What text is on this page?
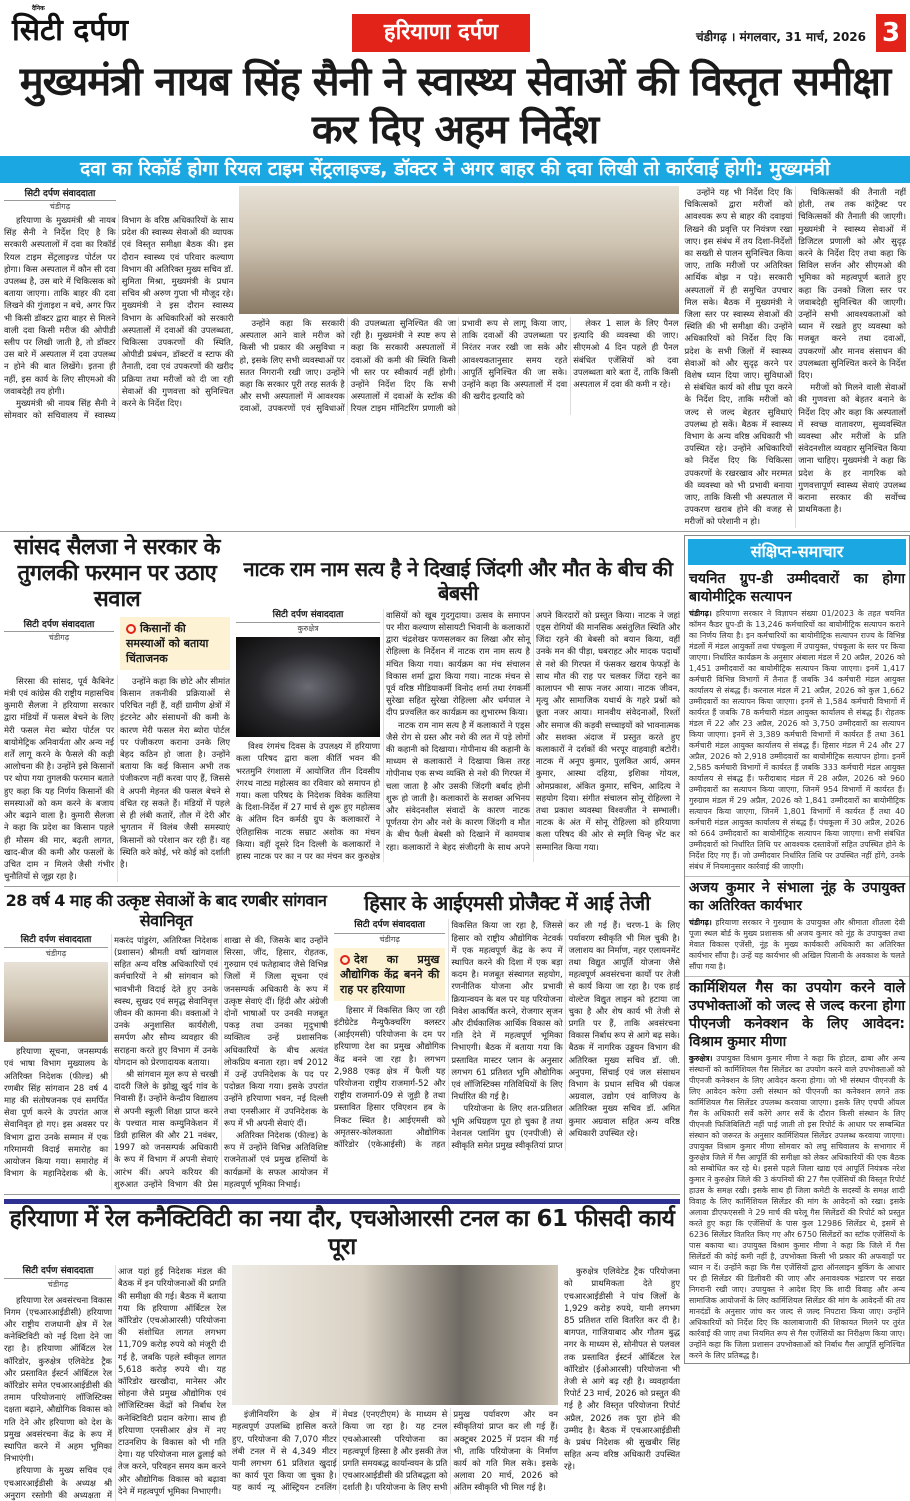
दैनिक
सिटी दर्पण	हरियाणा दर्पण	चंडीगढ़ । मंगलवार, 31 मार्च, 2026 3
मुख्यमंत्री नायब सिंह सैनी ने स्वास्थ्य सेवाओं की विस्तृत समीक्षा कर दिए अहम निर्देश
दवा का रिकॉर्ड होगा रियल टाइम सेंट्रलाइज्ड, डॉक्टर ने अगर बाहर की दवा लिखी तो कार्रवाई होगी: मुख्यमंत्री
सिटी दर्पण संवाददाता
चंडीगढ़

हरियाणा के मुख्यमंत्री श्री नायब सिंह सैनी ने निर्देश दिए है कि सरकारी अस्पतालों में दवा का रिकॉर्ड रियल टाइम सेंट्रलाइज्ड पोर्टल पर होगा। किस अस्पताल में कौन सी दवा उपलब्ध है, उस बारे में चिकित्सक को बताया जाएगा। ताकि बाहर की दवा लिखने की गुंजाइश न बचे, अगर फिर भी किसी डॉक्टर द्वारा बाहर से मिलने वाली दवा किसी मरीज की ओपीडी स्लीप पर लिखी जाती है, तो डॉक्टर उस बारे में अस्पताल में दवा उपलब्ध न होने की बात लिखेंगे। इतना ही नहीं, इस कार्य के लिए सीएमओ की जवाबदेही तय होगी।

मुख्यमंत्री श्री नायब सिंह सैनी ने सोमवार को सचिवालय में स्वास्थ्य विभाग के वरिष्ठ अधिकारियों के साथ प्रदेश की स्वास्थ्य सेवाओं की व्यापक एवं विस्तृत समीक्षा बैठक की। इस दौरान स्वास्थ्य एवं परिवार कल्याण विभाग की अतिरिक्त मुख्य सचिव डॉ. सुमिता मिश्रा, मुख्यमंत्री के प्रधान सचिव श्री अरुण गुप्ता भी मौजूद रहे। मुख्यमंत्री ने इस दौरान स्वास्थ्य विभाग के अधिकारिओं को सरकारी अस्पतालों में दवाओं की उपलब्धता, चिकित्सा उपकरणों की स्थिति, ओपीडी प्रबंधन, डॉक्टरों व स्टाफ की तैनाती, दवा एवं उपकरणों की खरीद प्रक्रिया तथा मरीजों को दी जा रही सेवाओं की गुणवत्ता को सुनिश्चित करने के निर्देश दिए।

उन्होंने कहा कि सरकारी अस्पताल आने वाले मरीज को किसी भी प्रकार की असुविधा न हो, इसके लिए सभी व्यवस्थाओं पर सतत निगरानी रखी जाए। उन्होंने कहा कि सरकार पूरी तरह सतर्क है और सभी अस्पतालों में आवश्यक दवाओं, उपकरणों एवं सुविधाओं की उपलब्धता सुनिश्चित की जा रही है। मुख्यमंत्री ने स्पष्ट रूप से कहा कि सरकारी अस्पतालों में दवाओं की कमी की स्थिति किसी भी स्तर पर स्वीकार्य नहीं होगी। उन्होंने निर्देश दिए कि सभी अस्पतालों में दवाओं के स्टॉक की रियल टाइम मॉनिटरिंग प्रणाली को प्रभावी रूप से लागू किया जाए, ताकि दवाओं की उपलब्धता पर निरंतर नजर रखी जा सके और आवश्यकतानुसार समय रहते आपूर्ति सुनिश्चित की जा सके। उन्होंने कहा कि अस्पतालों में दवा की खरीद इत्यादि को

लेकर 1 साल के लिए पैनल इत्यादि की व्यवस्था की जाए। सीएमओ 4 दिन पहले ही पैनल संबंधित एजेंसियों को दवा उपलब्धता बारे बता दें, ताकि किसी अस्पताल में दवा की कमी न रहे।

उन्होंने यह भी निर्देश दिए कि चिकित्सकों द्वारा मरीजों को आवश्यक रूप से बाहर की दवाइयां लिखने की प्रवृत्ति पर नियंत्रण रखा जाए। इस संबंध में तय दिशा-निर्देशों का सख्ती से पालन सुनिश्चित किया जाए, ताकि मरीजों पर अतिरिक्त आर्थिक बोझ न पड़े। सरकारी अस्पतालों में ही समुचित उपचार मिल सके। बैठक में मुख्यमंत्री ने जिला स्तर पर स्वास्थ्य सेवाओं की स्थिति की भी समीक्षा की। उन्होंने अधिकारियों को निर्देश दिए कि प्रदेश के सभी जिलों में स्वास्थ्य सेवाओं को और सुदृढ़ करने पर विशेष ध्यान दिया जाए। सुविधाओं से संबंधित कार्य को शीघ्र पूरा करने के निर्देश दिए, ताकि मरीजों को जल्द से जल्द बेहतर सुविधाएं उपलब्ध हो सकें। बैठक में स्वास्थ्य विभाग के अन्य वरिष्ठ अधिकारी भी उपस्थित रहे। उन्होंने अधिकारियों को निर्देश दिए कि चिकित्सा उपकरणों के रखरखाव और मरम्मत की व्यवस्था को भी प्रभावी बनाया जाए, ताकि किसी भी अस्पताल में उपकरण खराब होने की वजह से मरीजों को परेशानी न हो।

चिकित्सकों की तैनाती नहीं होती, तब तक कांट्रैक्ट पर चिकित्सकों की तैनाती की जाएगी। मुख्यमंत्री ने स्वास्थ्य सेवाओं में डिजिटल प्रणाली को और सुदृढ़ करने के निर्देश दिए तथा कहा कि सिविल सर्जन और सीएमओ की भूमिका को महत्वपूर्ण बताते हुए कहा कि उनको जिला स्तर पर जवाबदेही सुनिश्चित की जाएगी। उन्होंने सभी आवश्यकताओं को ध्यान में रखते हुए व्यवस्था को मजबूत करने तथा दवाओं, उपकरणों और मानव संसाधन की उपलब्धता सुनिश्चित करने के निर्देश दिए।

मरीजों को मिलने वाली सेवाओं की गुणवत्ता को बेहतर बनाने के निर्देश दिए और कहा कि अस्पतालों में स्वच्छ वातावरण, सुव्यवस्थित व्यवस्था और मरीजों के प्रति संवेदनशील व्यवहार सुनिश्चित किया जाना चाहिए। मुख्यमंत्री ने कहा कि प्रदेश के हर नागरिक को गुणवत्तापूर्ण स्वास्थ्य सेवाएं उपलब्ध कराना सरकार की सर्वोच्च प्राथमिकता है।

सांसद सैलजा ने सरकार के तुगलकी फरमान पर उठाए सवाल
सिटी दर्पण संवाददाता
चंडीगढ़
किसानों की समस्याओं को बताया चिंताजनक

सिरसा की सांसद, पूर्व कैबिनेट मंत्री एवं कांग्रेस की राष्ट्रीय महासचिव कुमारी सैलजा ने हरियाणा सरकार द्वारा मंडियों में फसल बेचने के लिए मेरी फसल मेरा ब्योरा पोर्टल पर बायोमेट्रिक अनिवार्यता और अन्य नई शर्तें लागू करने के फैसले की कड़ी आलोचना की है। उन्होंने इसे किसानों पर थोपा गया तुगलकी फरमान बताते हुए कहा कि यह निर्णय किसानों की समस्याओं को कम करने के बजाय और बढ़ाने वाला है। कुमारी सैलजा ने कहा कि प्रदेश का किसान पहले ही मौसम की मार, बढ़ती लागत, खाद-बीज की कमी और फसलों के उचित दाम न मिलने जैसी गंभीर चुनौतियों से जूझ रहा है।

उन्होंने कहा कि छोटे और सीमांत किसान तकनीकी प्रक्रियाओं से परिचित नहीं हैं, वहीं ग्रामीण क्षेत्रों में इंटरनेट और संसाधनों की कमी के कारण मेरी फसल मेरा ब्योरा पोर्टल पर पंजीकरण कराना उनके लिए बेहद कठिन हो जाता है। उन्होंने बताया कि कई किसान अभी तक पंजीकरण नहीं करवा पाए हैं, जिससे वे अपनी मेहनत की फसल बेचने से वंचित रह सकते हैं। मंडियों में पहले से ही लंबी कतारें, तौल में देरी और भुगतान में विलंब जैसी समस्याएं किसानों को परेशान कर रही हैं। वह स्थिति करे कोई, भरे कोई को दर्शाती है।

नाटक राम नाम सत्य है ने दिखाई जिंदगी और मौत के बीच की बेबसी
सिटी दर्पण संवाददाता
कुरुक्षेत्र

विश्व रंगमंच दिवस के उपलक्ष्य में हरियाणा कला परिषद द्वारा कला कीर्ति भवन की भरतमुनि रंगशाला में आयोजित तीन दिवसीय रंगरथ नाट्य महोत्सव का रविवार को समापन हो गया। कला परिषद के निदेशक विवेक कालिया के दिशा-निर्देश में 27 मार्च से शुरू हुए महोत्सव के अंतिम दिन कर्मठी ग्रुप के कलाकारों ने ऐतिहासिक नाटक सम्राट अशोक का मंचन किया। वहीं दूसरे दिन दिल्ली के कलाकारों ने हास्य नाटक पर का न पर का मंचन कर कुरुक्षेत्र वासियों को खूब गुदगुदाया। उत्सव के समापन पर मीरा कल्याण सोसायटी भिवानी के कलाकारों द्वारा चंद्रशेखर फणसलकर का लिखा और सोनू रोहिल्ला के निर्देशन में नाटक राम नाम सत्य है मंचित किया गया। कार्यक्रम का मंच संचालन विकास शर्मा द्वारा किया गया। नाटक मंचन से पूर्व वरिष्ठ मीडियाकर्मी विनोद शर्मा तथा रंगकर्मी सुरेखा सहित सुरेखा रोहिल्ला और धर्मपाल ने दीप प्रज्वलित कर कार्यक्रम का शुभारम्भ किया।

नाटक राम नाम सत्य है में कलाकारों ने एड्स जैसे रोग से ग्रस्त और नशे की लत में पड़े लोगों की कहानी को दिखाया। गोपीनाथ की कहानी के माध्यम से कलाकारों ने दिखाया किस तरह गोपीनाथ एक सभ्य व्यक्ति से नशे की गिरफ्त में चला जाता है और उसकी जिंदगी बर्बाद होनी शुरू हो जाती है। कलाकारों के सशक्त अभिनय और संवेदनशील संवादों के कारण नाटक पूर्णतया रोग और नशे के कारण जिंदगी व मौत के बीच फैली बेबसी को दिखाने में कामयाब रहा। कलाकारों ने बेहद संजीदगी के साथ अपने अपने किरदारों को प्रस्तुत किया। नाटक ने जहां एड्स रोगियों की मानसिक असंतुलित स्थिति और जिंदा रहने की बेबसी को बयान किया, वहीं उनके मन की पीड़ा, घबराहट और मादक पदार्थों से नशे की गिरफ्त में फंसकर खराब फेफड़ों के साथ मौत की राह पर चलकर जिंदा रहने का कालापन भी साफ नजर आया। नाटक जीवन, मृत्यु और सामाजिक यथार्थ के गहरे प्रश्नों को छूता नजर आया। मानवीय संवेदनाओं, रिश्तों और समाज की कड़वी सच्चाइयों को भावनात्मक और सशक्त अंदाज में प्रस्तुत करते हुए कलाकारों ने दर्शकों की भरपूर वाहवाही बटोरी। नाटक में अनूप कुमार, पुलकित आर्य, अमन कुमार, आस्था दहिया, इशिका गोयल, ओमप्रकाश, अंकित कुमार, सचिन, आदित्य ने सहयोग दिया। संगीत संचालन सोनू रोहिल्ला ने तथा प्रकाश व्यवस्था विश्वजीत ने सम्भाली। नाटक के अंत में सोनू रोहिल्ला को हरियाणा कला परिषद की ओर से स्मृति चिन्ह भेंट कर सम्मानित किया गया।

28 वर्ष 4 माह की उत्कृष्ट सेवाओं के बाद रणबीर सांगवान सेवानिवृत
सिटी दर्पण संवाददाता
चंडीगढ़

हरियाणा सूचना, जनसम्पर्क एवं भाषा विभाग मुख्यालय के अतिरिक्त निदेशक (फील्ड) श्री रणबीर सिंह सांगवान 28 वर्ष 4 माह की संतोषजनक एवं समर्पित सेवा पूर्ण करने के उपरांत आज सेवानिवृत हो गए। इस अवसर पर विभाग द्वारा उनके सम्मान में एक गरिमामयी विदाई समारोह का आयोजन किया गया। समारोह में विभाग के महानिदेशक श्री के. मकरंद पांडुरंग, अतिरिक्त निदेशक (प्रशासन) श्रीमती वर्षा खांगवाल सहित अन्य वरिष्ठ अधिकारियों एवं कर्मचारियों ने श्री सांगवान को भावभीनी विदाई देते हुए उनके स्वस्थ, सुखद एवं समृद्ध सेवानिवृत्त जीवन की कामना की। वक्ताओं ने उनके अनुशासित कार्यशैली, समर्पण और सौम्य व्यवहार की सराहना करते हुए विभाग में उनके योगदान को प्रेरणादायक बताया।

श्री सांगवान मूल रूप से चरखी दादरी जिले के झोझू खुर्द गांव के निवासी हैं। उन्होंने केन्द्रीय विद्यालय से अपनी स्कूली शिक्षा प्राप्त करने के पश्चात मास कम्युनिकेशन में डिग्री हासिल की और 21 नवंबर, 1997 को जनसम्पर्क अधिकारी के रूप में विभाग में अपनी सेवाएं आरंभ कीं। अपने करियर की शुरुआत उन्होंने विभाग की प्रेस शाखा से की, जिसके बाद उन्होंने सिरसा, जींद, हिसार, रोहतक, गुरुग्राम एवं फतेहाबाद जैसे विभिन्न जिलों में जिला सूचना एवं जनसम्पर्क अधिकारी के रूप में उत्कृष्ट सेवाएं दीं। हिंदी और अंग्रेजी दोनों भाषाओं पर उनकी मजबूत पकड़ तथा उनका मृदुभाषी व्यक्तित्व उन्हें प्रशासनिक अधिकारियों के बीच अत्यंत लोकप्रिय बनाता रहा। वर्ष 2012 में उन्हें उपनिदेशक के पद पर पदोन्नत किया गया। इसके उपरांत उन्होंने हरियाणा भवन, नई दिल्ली तथा एनसीआर में उपनिदेशक के रूप में भी अपनी सेवाएं दीं।

अतिरिक्त निदेशक (फील्ड) के रूप में उन्होंने विभिन्न अतिविशिष्ट राजनेताओं एवं प्रमुख हस्तियों के कार्यक्रमों के सफल आयोजन में महत्वपूर्ण भूमिका निभाई।

हिसार के आईएमसी प्रोजैक्ट में आई तेजी
सिटी दर्पण संवाददाता
चंडीगढ़
देश का प्रमुख औद्योगिक केंद्र बनने की राह पर हरियाणा

हिसार में विकसित किए जा रही इंटीग्रेटेड मैन्युफैक्चरिंग क्लस्टर (आईएमसी) परियोजना के दम पर हरियाणा देश का प्रमुख औद्योगिक केंद्र बनने जा रहा है। लगभग 2,988 एकड़ क्षेत्र में फैली यह परियोजना राष्ट्रीय राजमार्ग-52 और राष्ट्रीय राजमार्ग-09 से जुड़ी है तथा प्रस्तावित हिसार एविएशन हब के निकट स्थित है। आईएमसी को अमृतसर-कोलकाता औद्योगिक कॉरिडोर (एकेआईसी) के तहत विकसित किया जा रहा है, जिससे हिसार को राष्ट्रीय औद्योगिक नेटवर्क में एक महत्वपूर्ण केंद्र के रूप में स्थापित करने की दिशा में एक बड़ा कदम है। मजबूत संस्थागत सहयोग, रणनीतिक योजना और प्रभावी क्रियान्वयन के बल पर यह परियोजना निवेश आकर्षित करने, रोजगार सृजन और दीर्घकालिक आर्थिक विकास को गति देने में महत्वपूर्ण भूमिका निभाएगी। बैठक में बताया गया कि प्रस्तावित मास्टर प्लान के अनुसार लगभग 61 प्रतिशत भूमि औद्योगिक एवं लॉजिस्टिक्स गतिविधियों के लिए निर्धारित की गई है।

परियोजना के लिए शत-प्रतिशत भूमि अधिग्रहण पूरा हो चुका है तथा नेशनल प्लानिंग ग्रुप (एनपीजी) से स्वीकृति समेत प्रमुख स्वीकृतियां प्राप्त कर ली गई हैं। चरण-1 के लिए पर्यावरण स्वीकृति भी मिल चुकी है। जलाशय का निर्माण, नहर एलायनमेंट तथा विद्युत आपूर्ति योजना जैसे महत्वपूर्ण अवसंरचना कार्यों पर तेजी से कार्य किया जा रहा है। एक हाई वोल्टेज विद्युत लाइन को हटाया जा चुका है और शेष कार्य भी तेजी से प्रगति पर हैं, ताकि अवसंरचना विकास निर्बाध रूप से आगे बढ़ सके। बैठक में नागरिक उड्डयन विभाग की अतिरिक्त मुख्य सचिव डॉ. जी. अनुपमा, सिंचाई एवं जल संसाधन विभाग के प्रधान सचिव श्री पंकज अग्रवाल, उद्योग एवं वाणिज्य के अतिरिक्त मुख्य सचिव डॉ. अमित कुमार अग्रवाल सहित अन्य वरिष्ठ अधिकारी उपस्थित रहे।

हरियाणा में रेल कनैक्टिविटी का नया दौर, एचओआरसी टनल का 61 फीसदी कार्य पूरा
सिटी दर्पण संवाददाता
चंडीगढ़

हरियाणा रेल अवसंरचना विकास निगम (एचआरआईडीसी) हरियाणा और राष्ट्रीय राजधानी क्षेत्र में रेल कनेक्टिविटी को नई दिशा देने जा रहा है। हरियाणा ऑर्बिटल रेल कॉरिडोर, कुरुक्षेत्र एलिवेटेड ट्रैक और प्रस्तावित ईस्टर्न ऑर्बिटल रेल कॉरिडोर समेत एचआरआईडीसी की तमाम परियोजनाएं लॉजिस्टिक्स दक्षता बढ़ाने, औद्योगिक विकास को गति देने और हरियाणा को देश के प्रमुख अवसंरचना केंद्र के रूप में स्थापित करने में अहम भूमिका निभाएंगी।

हरियाणा के मुख्य सचिव एवं एचआरआईडीसी के अध्यक्ष श्री अनुराग रस्तोगी की अध्यक्षता में आज यहां हुई निदेशक मंडल की बैठक में इन परियोजनाओं की प्रगति की समीक्षा की गई। बैठक में बताया गया कि हरियाणा ऑर्बिटल रेल कॉरिडोर (एचओआरसी) परियोजना की संशोधित लागत लगभग 11,709 करोड़ रुपये को मंजूरी दी गई है, जबकि पहले स्वीकृत लागत 5,618 करोड़ रुपये थी। यह कॉरिडोर खरखौदा, मानेसर और सोहना जैसे प्रमुख औद्योगिक एवं लॉजिस्टिक्स केंद्रों को निर्बाध रेल कनेक्टिविटी प्रदान करेगा। साथ ही हरियाणा एनसीआर क्षेत्र में नए टाउनशिप के विकास को भी गति देगा। यह परियोजना माल ढुलाई को तेज करने, परिवहन समय कम करने और औद्योगिक विकास को बढ़ावा देने में महत्वपूर्ण भूमिका निभाएगी।

इंजीनियरिंग के क्षेत्र में महत्वपूर्ण उपलब्धि हासिल करते हुए, परियोजना की 7,070 मीटर लंबी टनल में से 4,349 मीटर यानी लगभग 61 प्रतिशत खुदाई का कार्य पूरा किया जा चुका है। यह कार्य न्यू ऑस्ट्रियन टनलिंग मेथड (एनएटीएम) के माध्यम से किया जा रहा है। यह टनल एचओआरसी परियोजना का महत्वपूर्ण हिस्सा है और इसकी तेज प्रगति समयबद्ध कार्यान्वयन के प्रति एचआरआईडीसी की प्रतिबद्धता को दर्शाती है। परियोजना के लिए सभी प्रमुख पर्यावरण और वन स्वीकृतियां प्राप्त कर ली गई हैं। अक्टूबर 2025 में प्रदान की गई भी, ताकि परियोजना के निर्माण कार्य को गति मिल सके। इसके अलावा 20 मार्च, 2026 को अंतिम स्वीकृति भी मिल गई है।

कुरुक्षेत्र एलिवेटेड ट्रैक परियोजना को प्राथमिकता देते हुए एचआरआईडीसी ने पांच जिलों के 1,929 करोड़ रुपये, यानी लगभग 85 प्रतिशत राशि वितरित कर दी है। बागपत, गाजियाबाद और गौतम बुद्ध नगर के माध्यम से, सोनीपत से पलवल तक प्रस्तावित ईस्टर्न ऑर्बिटल रेल कॉरिडोर (ईओआरसी) परियोजना भी तेजी से आगे बढ़ रही है। व्यवहार्यता रिपोर्ट 23 मार्च, 2026 को प्रस्तुत की गई है और विस्तृत परियोजना रिपोर्ट अप्रैल, 2026 तक पूरा होने की उम्मीद है। बैठक में एचआरआईडीसी के प्रबंध निदेशक श्री सुखबीर सिंह सहित अन्य वरिष्ठ अधिकारी उपस्थित रहे।

संक्षिप्त-समाचार
चयनित ग्रुप-डी उम्मीदवारों का होगा बायोमीट्रिक सत्यापन

चंडीगढ़। हरियाणा सरकार ने विज्ञापन संख्या 01/2023 के तहत चयनित कॉमन कैडर ग्रुप-डी के 13,246 कर्मचारियों का बायोमीट्रिक सत्यापन कराने का निर्णय लिया है। इन कर्मचारियों का बायोमीट्रिक सत्यापन राज्य के विभिन्न मंडलों में मंडल आयुक्तों तथा पंचकूला में उपायुक्त, पंचकूला के स्तर पर किया जाएगा। निर्धारित कार्यक्रम के अनुसार अंबाला मंडल में 20 अप्रैल, 2026 को 1,451 उम्मीदवारों का बायोमीट्रिक सत्यापन किया जाएगा। इनमें 1,417 कर्मचारी विभिन्न विभागों में तैनात हैं जबकि 34 कर्मचारी मंडल आयुक्त कार्यालय से संबद्ध हैं। करनाल मंडल में 21 अप्रैल, 2026 को कुल 1,662 उम्मीदवारों का सत्यापन किया जाएगा। इनमें से 1,584 कर्मचारी विभागों में कार्यरत हैं जबकि 78 कर्मचारी मंडल आयुक्त कार्यालय से संबद्ध हैं। रोहतक मंडल में 22 और 23 अप्रैल, 2026 को 3,750 उम्मीदवारों का सत्यापन किया जाएगा। इनमें से 3,389 कर्मचारी विभागों में कार्यरत हैं तथा 361 कर्मचारी मंडल आयुक्त कार्यालय से संबद्ध हैं। हिसार मंडल में 24 और 27 अप्रैल, 2026 को 2,918 उम्मीदवारों का बायोमीट्रिक सत्यापन होगा। इनमें 2,585 कर्मचारी विभागों में कार्यरत हैं जबकि 333 कर्मचारी मंडल आयुक्त कार्यालय से संबद्ध हैं। फरीदाबाद मंडल में 28 अप्रैल, 2026 को 960 उम्मीदवारों का सत्यापन किया जाएगा, जिनमें 954 विभागों में कार्यरत हैं। गुरुग्राम मंडल में 29 अप्रैल, 2026 को 1,841 उम्मीदवारों का बायोमीट्रिक सत्यापन किया जाएगा, जिनमें 1,801 विभागों में कार्यरत हैं तथा 40 कर्मचारी मंडल आयुक्त कार्यालय से संबद्ध हैं। पंचकूला में 30 अप्रैल, 2026 को 664 उम्मीदवारों का बायोमीट्रिक सत्यापन किया जाएगा। सभी संबंधित उम्मीदवारों को निर्धारित तिथि पर आवश्यक दस्तावेजों सहित उपस्थित होने के निर्देश दिए गए हैं। जो उम्मीदवार निर्धारित तिथि पर उपस्थित नहीं होंगे, उनके संबंध में नियमानुसार कार्रवाई की जाएगी।

अजय कुमार ने संभाला नूंह के उपायुक्त का अतिरिक्त कार्यभार

चंडीगढ़। हरियाणा सरकार ने गुरुग्राम के उपायुक्त और श्रीमाता शीतला देवी पूजा स्थल बोर्ड के मुख्य प्रशासक श्री अजय कुमार को नूंह के उपायुक्त तथा मेवात विकास एजेंसी, नूंह के मुख्य कार्यकारी अधिकारी का अतिरिक्त कार्यभार सौंपा है। उन्हें यह कार्यभार श्री अखिल पिलानी के अवकाश के चलते सौंपा गया है।

कार्मिशियल गैस का उपयोग करने वाले उपभोक्ताओं को जल्द से जल्द करना होगा पीएनजी कनेक्शन के लिए आवेदन: विश्राम कुमार मीणा

कुरुक्षेत्र। उपायुक्त विश्राम कुमार मीणा ने कहा कि होटल, ढाबा और अन्य संस्थानों को कार्मिशियल गैस सिलेंडर का उपयोग करने वाले उपभोक्ताओं को पीएनजी कनेक्शन के लिए आवेदन करना होगा। जो भी संस्थान पीएनजी के लिए आवेदन करेगा उसी संस्थान को पीएनजी का कनेक्शन लगने तक कार्मिशियल गैस सिलेंडर उपलब्ध करवाया जाएगा। इसके लिए एचपी ऑयल गैस के अधिकारी सर्वे करेंगे अगर सर्वे के दौरान किसी संस्थान के लिए पीएनजी फिजिबिलिटी नहीं पाई जाती तो इस रिपोर्ट के आधार पर सम्बन्धित संस्थान को जरूरत के अनुसार कार्मिशियल सिलेंडर उपलब्ध करवाया जाएगा। उपायुक्त विश्राम कुमार मीणा सोमवार को लघु सचिवालय के सभागार में कुरुक्षेत्र जिले में गैस आपूर्ति की समीक्षा को लेकर अधिकारियों की एक बैठक को सम्बोधित कर रहे थे। इससे पहले जिला खाद्य एवं आपूर्ति नियंत्रक नरेश कुमार ने कुरुक्षेत्र जिले की 3 कंपनियों की 27 गैस एजेंसियों की विस्तृत रिपोर्ट हाउस के समक्ष रखी। इसके साथ ही जिला कमेटी के सदस्यों के समक्ष शादी विवाह के लिए कार्मिशियल सिलेंडर की मांग के आवेदनों को रखा। इसके अलावा डीएफएससी ने 29 मार्च की घरेलू गैस सिलेंडरों की रिपोर्ट को प्रस्तुत करते हुए कहा कि एजेंसियों के पास कुल 12986 सिलेंडर थे, इसमें से 6236 सिलेंडर वितरित किए गए और 6750 सिलेंडरों का स्टॉक एजेंसियों के पास बकाया था। उपायुक्त विश्राम कुमार मीणा ने कहा कि जिले में गैस सिलेंडरों की कोई कमी नहीं है, उपभोक्ता किसी भी प्रकार की अफवाहों पर ध्यान न दें। उन्होंने कहा कि गैस एजेंसियों द्वारा ऑनलाइन बुकिंग के आधार पर ही सिलेंडर की डिलीवरी की जाए और अनावश्यक भंडारण पर सख्त निगरानी रखी जाए। उपायुक्त ने आदेश दिए कि शादी विवाह और अन्य सामाजिक आयोजनों के लिए कार्मिशियल सिलेंडर की मांग के आवेदनों की तय मानदंडों के अनुसार जांच कर जल्द से जल्द निपटारा किया जाए। उन्होंने अधिकारियों को निर्देश दिए कि कालाबाजारी की शिकायत मिलने पर तुरंत कार्रवाई की जाए तथा नियमित रूप से गैस एजेंसियों का निरीक्षण किया जाए। उन्होंने कहा कि जिला प्रशासन उपभोक्ताओं को निर्बाध गैस आपूर्ति सुनिश्चित करने के लिए प्रतिबद्ध है।
